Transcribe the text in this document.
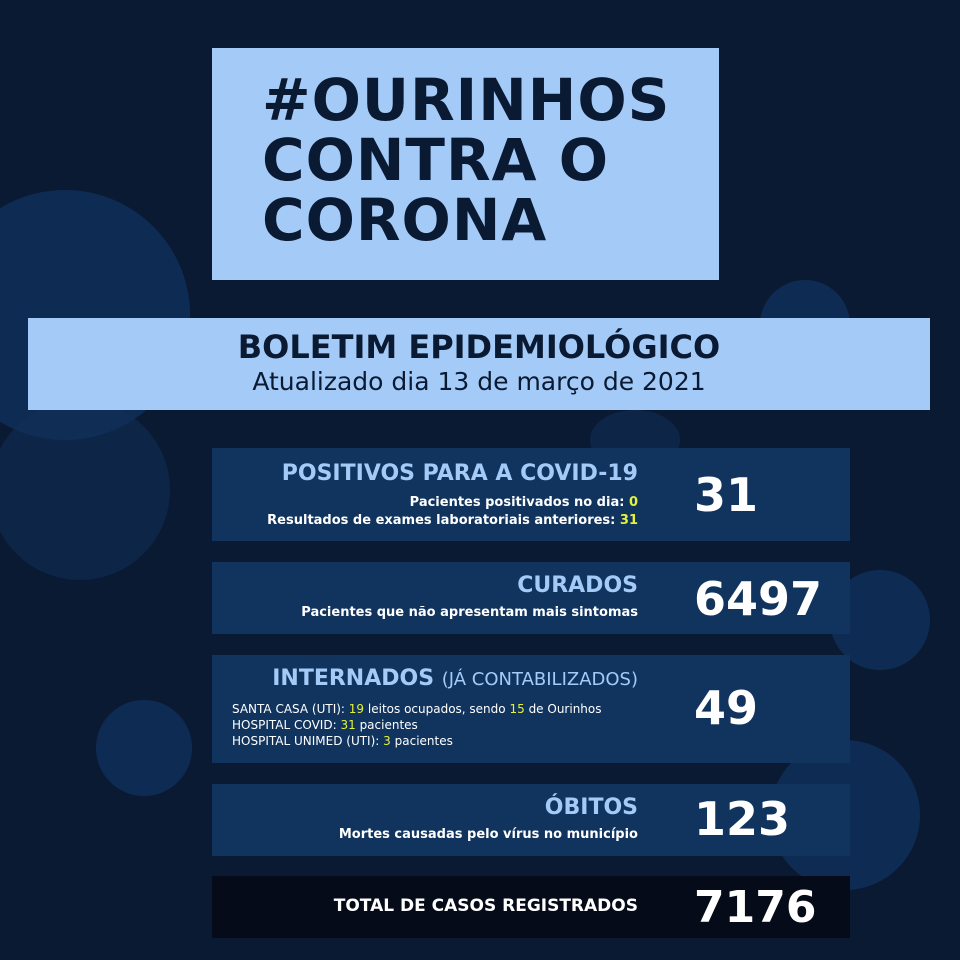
#OURINHOS
CONTRA O
CORONA
BOLETIM EPIDEMIOLÓGICO
Atualizado dia 13 de março de 2021
POSITIVOS PARA A COVID-19
Pacientes positivados no dia: 0
Resultados de exames laboratoriais anteriores: 31 31
CURADOS
Pacientes que não apresentam mais sintomas 6497
INTERNADOS (JÁ CONTABILIZADOS)
SANTA CASA (UTI): 19 leitos ocupados, sendo 15 de Ourinhos
HOSPITAL COVID: 31 pacientes
HOSPITAL UNIMED (UTI): 3 pacientes
49
ÓBITOS
Mortes causadas pelo vírus no município 123
TOTAL DE CASOS REGISTRADOS 7176
